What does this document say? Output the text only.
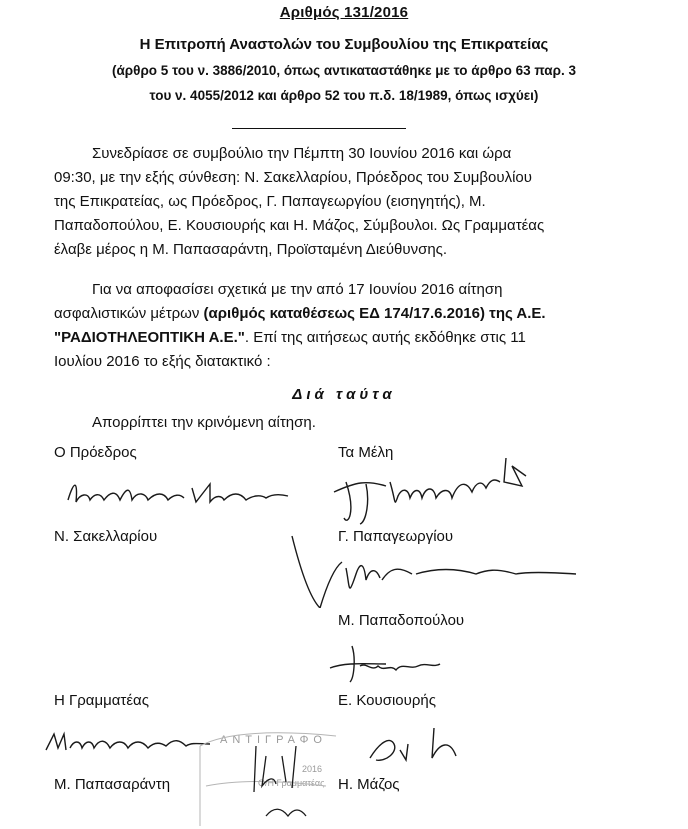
Αριθμός 131/2016
Η Επιτροπή Αναστολών του Συμβουλίου της Επικρατείας
(άρθρο 5 του ν. 3886/2010, όπως αντικαταστάθηκε με το άρθρο 63 παρ. 3
του ν. 4055/2012 και άρθρο 52 του π.δ. 18/1989, όπως ισχύει)
Συνεδρίασε σε συμβούλιο την Πέμπτη 30 Ιουνίου 2016 και ώρα
09:30, με την εξής σύνθεση: Ν. Σακελλαρίου, Πρόεδρος του Συμβουλίου
της Επικρατείας, ως Πρόεδρος, Γ. Παπαγεωργίου (εισηγητής), Μ.
Παπαδοπούλου, Ε. Κουσιουρής και Η. Μάζος, Σύμβουλοι. Ως Γραμματέας
έλαβε μέρος η Μ. Παπασαράντη, Προϊσταμένη Διεύθυνσης.
Για να αποφασίσει σχετικά με την από 17 Ιουνίου 2016 αίτηση
ασφαλιστικών μέτρων (αριθμός καταθέσεως ΕΔ 174/17.6.2016) της Α.Ε.
"ΡΑΔΙΟΤΗΛΕΟΠΤΙΚΗ Α.Ε.". Επί της αιτήσεως αυτής εκδόθηκε στις 11
Ιουλίου 2016 το εξής διατακτικό :
Διά ταύτα
Απορρίπτει την κρινόμενη αίτηση.
Ο Πρόεδρος	Τα Μέλη
Ν. Σακελλαρίου	Γ. Παπαγεωργίου
Μ. Παπαδοπούλου
Η Γραμματέας	Ε. Κουσιουρής
ΑΝΤΙΓΡΑΦΟ
2016
Ο/Η Γραμματέας
Μ. Παπασαράντη	Η. Μάζος
